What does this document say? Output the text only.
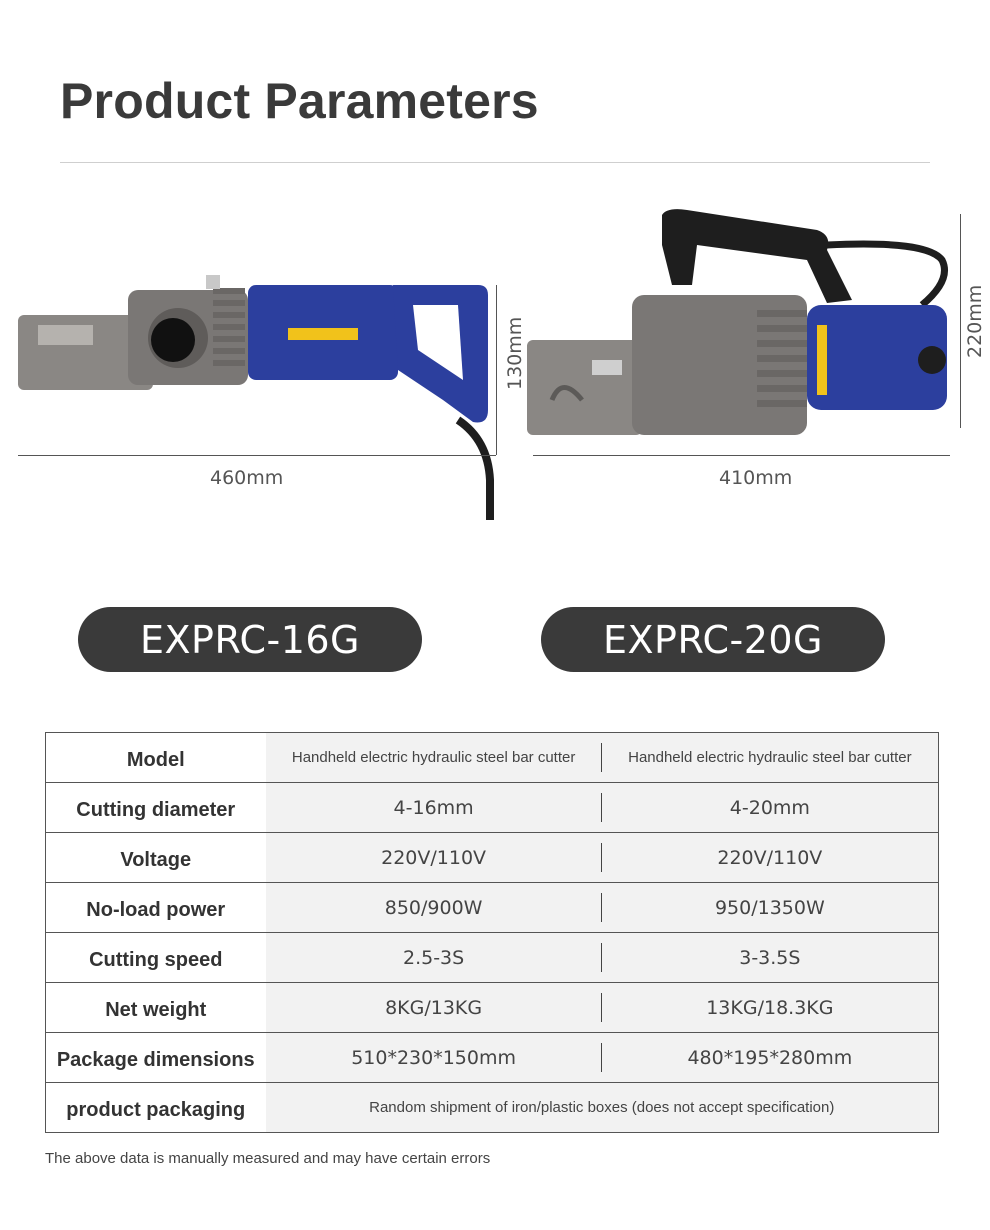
Product Parameters
460mm
130mm
410mm
220mm
EXPRC-16G	EXPRC-20G
Model	Handheld electric hydraulic steel bar cutter	Handheld electric hydraulic steel bar cutter
Cutting diameter	4-16mm	4-20mm
Voltage	220V/110V	220V/110V
No-load power	850/900W	950/1350W
Cutting speed	2.5-3S	3-3.5S
Net weight	8KG/13KG	13KG/18.3KG
Package dimensions	510*230*150mm	480*195*280mm
product packaging	Random shipment of iron/plastic boxes (does not accept specification)	
The above data is manually measured and may have certain errors
